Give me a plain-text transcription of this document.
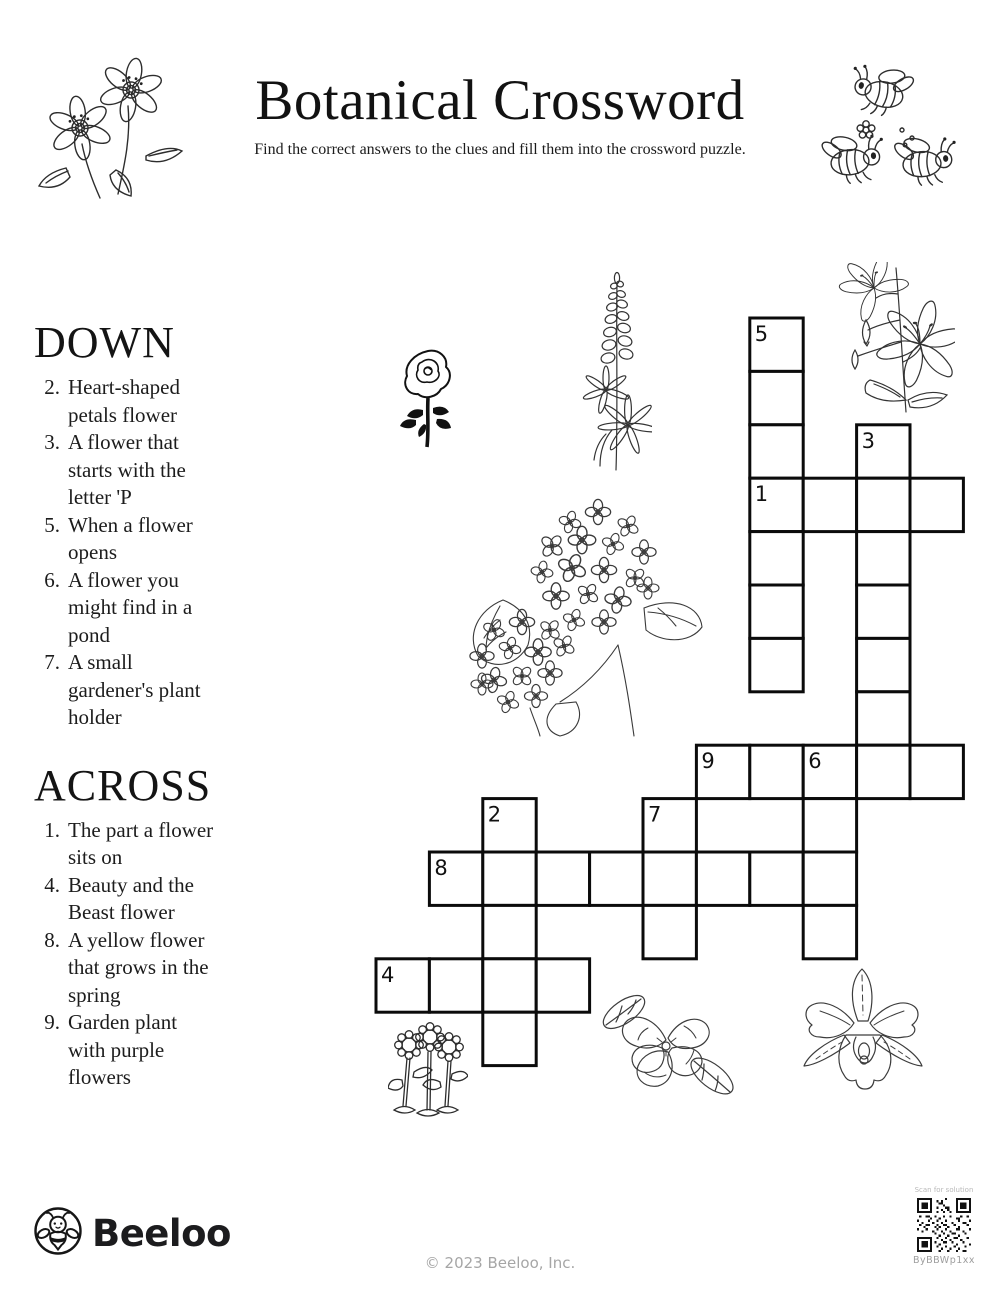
Botanical Crossword
Find the correct answers to the clues and fill them into the crossword puzzle.
DOWN
2. Heart-shaped petals flower
3. A flower that starts with the letter 'P
5. When a flower opens
6. A flower you might find in a pond
7. A small gardener's plant holder
ACROSS
1. The part a flower sits on
4. Beauty and the Beast flower
8. A yellow flower that grows in the spring
9. Garden plant with purple flowers
5
3
1
9	6
2	7
8
4
Beeloo
© 2023 Beeloo, Inc.
Scan for solution
ByBBWp1xx
